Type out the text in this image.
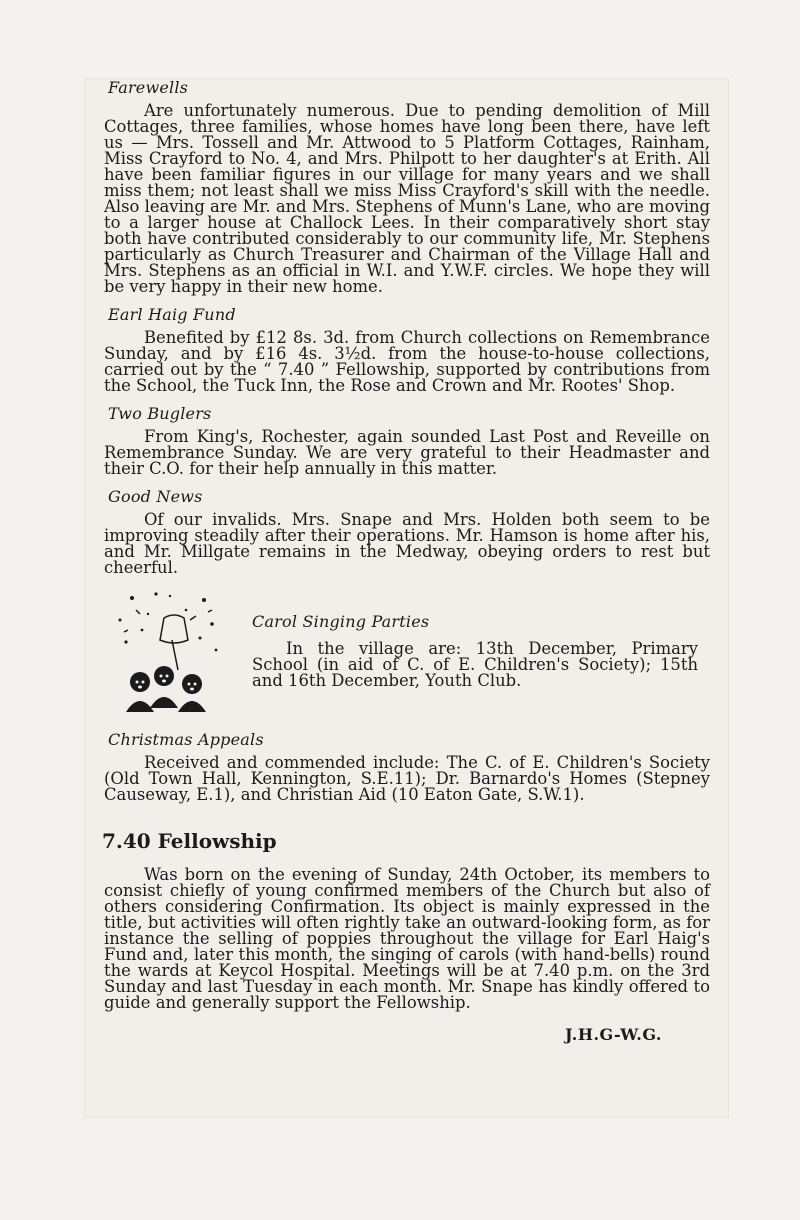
Farewells

Are unfortunately numerous. Due to pending demolition of Mill Cottages, three families, whose homes have long been there, have left us — Mrs. Tossell and Mr. Attwood to 5 Platform Cottages, Rainham, Miss Crayford to No. 4, and Mrs. Philpott to her daughter's at Erith. All have been familiar figures in our village for many years and we shall miss them; not least shall we miss Miss Crayford's skill with the needle. Also leaving are Mr. and Mrs. Stephens of Munn's Lane, who are moving to a larger house at Challock Lees. In their comparatively short stay both have contributed considerably to our community life, Mr. Stephens particularly as Church Treasurer and Chairman of the Village Hall and Mrs. Stephens as an official in W.I. and Y.W.F. circles. We hope they will be very happy in their new home.

Earl Haig Fund

Benefited by £12 8s. 3d. from Church collections on Remembrance Sunday, and by £16 4s. 3½d. from the house-to-house collections, carried out by the “ 7.40 ” Fellowship, supported by contributions from the School, the Tuck Inn, the Rose and Crown and Mr. Rootes' Shop.

Two Buglers

From King's, Rochester, again sounded Last Post and Reveille on Remembrance Sunday. We are very grateful to their Headmaster and their C.O. for their help annually in this matter.

Good News

Of our invalids. Mrs. Snape and Mrs. Holden both seem to be improving steadily after their operations. Mr. Hamson is home after his, and Mr. Millgate remains in the Medway, obeying orders to rest but cheerful.

Carol Singing Parties

In the village are: 13th December, Primary School (in aid of C. of E. Children's Society); 15th and 16th December, Youth Club.

Christmas Appeals

Received and commended include: The C. of E. Children's Society (Old Town Hall, Kennington, S.E.11); Dr. Barnardo's Homes (Stepney Causeway, E.1), and Christian Aid (10 Eaton Gate, S.W.1).

7.40 Fellowship

Was born on the evening of Sunday, 24th October, its members to consist chiefly of young confirmed members of the Church but also of others considering Confirmation. Its object is mainly expressed in the title, but activities will often rightly take an outward-looking form, as for instance the selling of poppies throughout the village for Earl Haig's Fund and, later this month, the singing of carols (with hand-bells) round the wards at Keycol Hospital. Meetings will be at 7.40 p.m. on the 3rd Sunday and last Tuesday in each month. Mr. Snape has kindly offered to guide and generally support the Fellowship.

J.H.G-W.G.
